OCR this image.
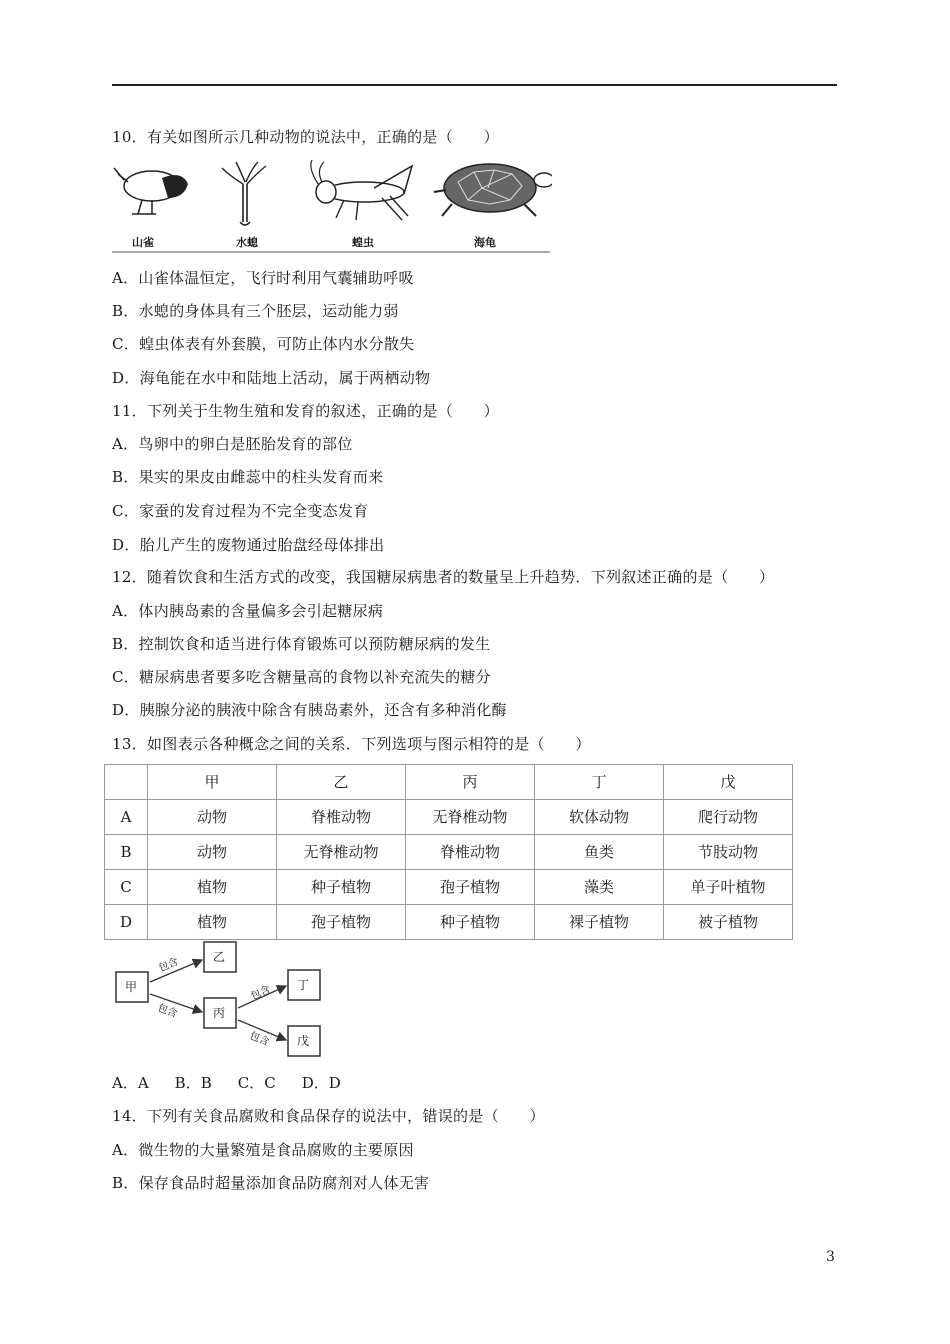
10．有关如图所示几种动物的说法中，正确的是（　　）
山雀	水螅	蝗虫	海龟
A．山雀体温恒定，飞行时利用气囊辅助呼吸
B．水螅的身体具有三个胚层，运动能力弱
C．蝗虫体表有外套膜，可防止体内水分散失
D．海龟能在水中和陆地上活动，属于两栖动物
11．下列关于生物生殖和发育的叙述，正确的是（　　）
A．鸟卵中的卵白是胚胎发育的部位
B．果实的果皮由雌蕊中的柱头发育而来
C．家蚕的发育过程为不完全变态发育
D．胎儿产生的废物通过胎盘经母体排出
12．随着饮食和生活方式的改变，我国糖尿病患者的数量呈上升趋势．下列叙述正确的是（　　）
A．体内胰岛素的含量偏多会引起糖尿病
B．控制饮食和适当进行体育锻炼可以预防糖尿病的发生
C．糖尿病患者要多吃含糖量高的食物以补充流失的糖分
D．胰腺分泌的胰液中除含有胰岛素外，还含有多种消化酶
13．如图表示各种概念之间的关系．下列选项与图示相符的是（　　）
	甲	乙	丙	丁	戊
A	动物	脊椎动物	无脊椎动物	软体动物	爬行动物
B	动物	无脊椎动物	脊椎动物	鱼类	节肢动物
C	植物	种子植物	孢子植物	藻类	单子叶植物
D	植物	孢子植物	种子植物	裸子植物	被子植物
甲
乙
丙
丁
戊
包含
包含
包含
包含
A．A B．B C．C D．D
14．下列有关食品腐败和食品保存的说法中，错误的是（　　）
A．微生物的大量繁殖是食品腐败的主要原因
B．保存食品时超量添加食品防腐剂对人体无害
3
